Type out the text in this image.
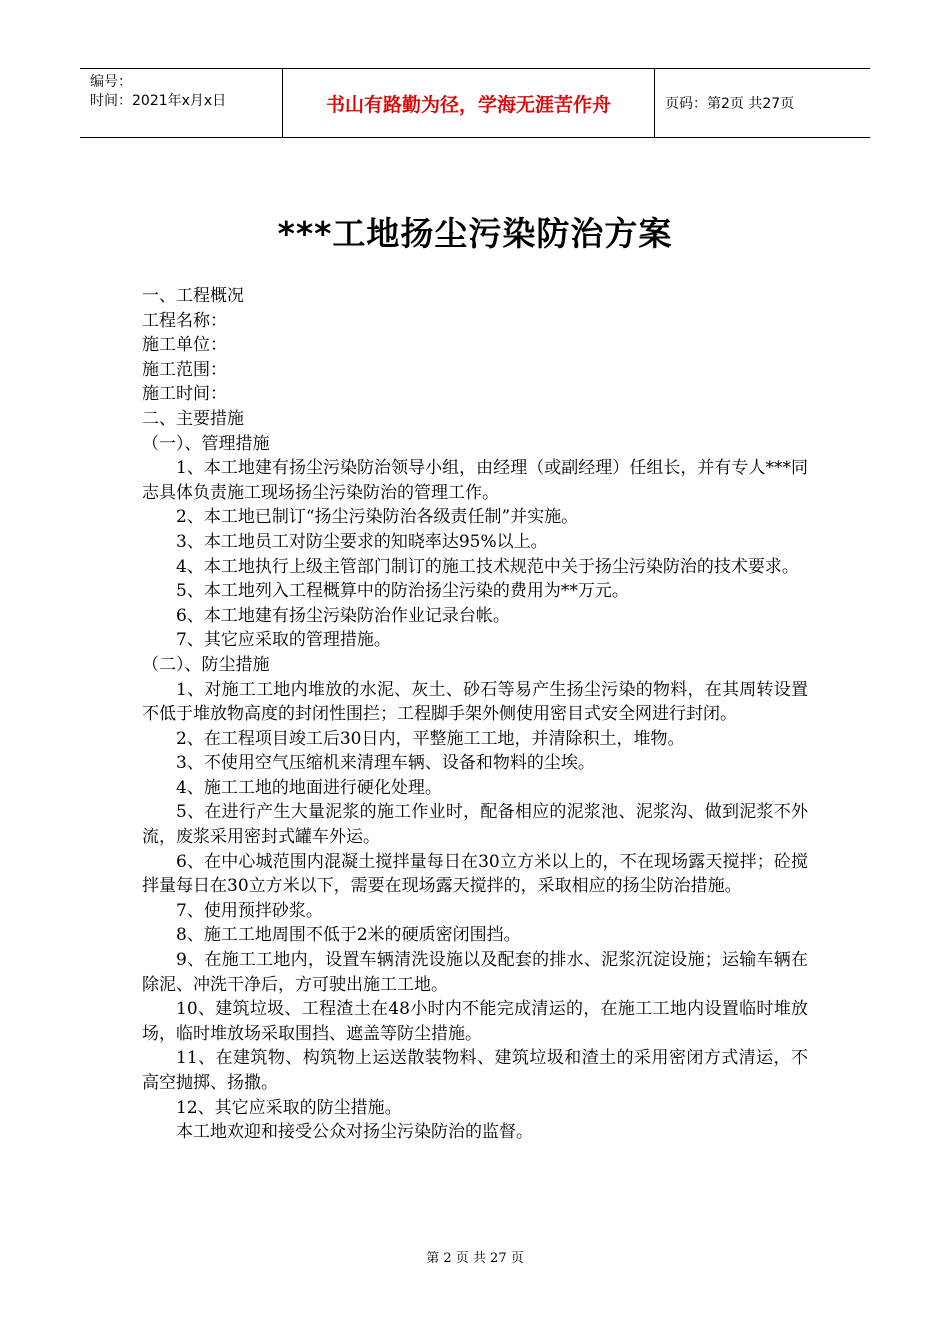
编号：
时间：2021年x月x日	书山有路勤为径，学海无涯苦作舟	页码：第2页 共27页
***工地扬尘污染防治方案

一、工程概况

工程名称：

施工单位：

施工范围：

施工时间：

二、主要措施

（一）、管理措施

1、本工地建有扬尘污染防治领导小组，由经理（或副经理）任组长，并有专人***同志具体负责施工现场扬尘污染防治的管理工作。

2、本工地已制订“扬尘污染防治各级责任制”并实施。

3、本工地员工对防尘要求的知晓率达95%以上。

4、本工地执行上级主管部门制订的施工技术规范中关于扬尘污染防治的技术要求。

5、本工地列入工程概算中的防治扬尘污染的费用为**万元。

6、本工地建有扬尘污染防治作业记录台帐。

7、其它应采取的管理措施。

（二）、防尘措施

1、对施工工地内堆放的水泥、灰土、砂石等易产生扬尘污染的物料，在其周转设置不低于堆放物高度的封闭性围拦；工程脚手架外侧使用密目式安全网进行封闭。

2、在工程项目竣工后30日内，平整施工工地，并清除积土，堆物。

3、不使用空气压缩机来清理车辆、设备和物料的尘埃。

4、施工工地的地面进行硬化处理。

5、在进行产生大量泥浆的施工作业时，配备相应的泥浆池、泥浆沟、做到泥浆不外流，废浆采用密封式罐车外运。

6、在中心城范围内混凝土搅拌量每日在30立方米以上的，不在现场露天搅拌；砼搅拌量每日在30立方米以下，需要在现场露天搅拌的，采取相应的扬尘防治措施。

7、使用预拌砂浆。

8、施工工地周围不低于2米的硬质密闭围挡。

9、在施工工地内，设置车辆清洗设施以及配套的排水、泥浆沉淀设施；运输车辆在除泥、冲洗干净后，方可驶出施工工地。

10、建筑垃圾、工程渣土在48小时内不能完成清运的，在施工工地内设置临时堆放场，临时堆放场采取围挡、遮盖等防尘措施。

11、在建筑物、构筑物上运送散装物料、建筑垃圾和渣土的采用密闭方式清运，不高空抛掷、扬撒。

12、其它应采取的防尘措施。

本工地欢迎和接受公众对扬尘污染防治的监督。

第 2 页 共 27 页
